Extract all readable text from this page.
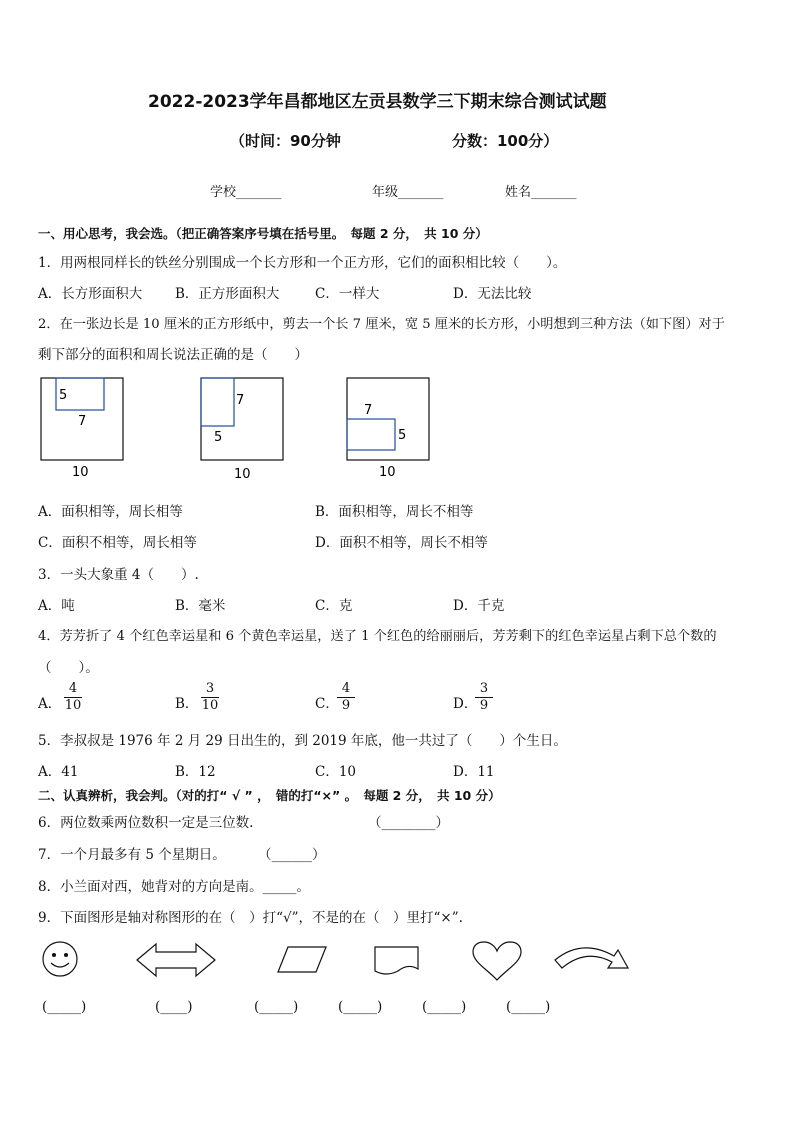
2022-2023学年昌都地区左贡县数学三下期末综合测试试题
（时间：90分钟	分数：100分）
学校_______	年级_______	姓名_______
一、用心思考，我会选。（把正确答案序号填在括号里。　每题 2 分，　共 10 分）
1．用两根同样长的铁丝分别围成一个长方形和一个正方形，它们的面积相比较（　　）。
A．长方形面积大 B．正方形面积大	C．一样大	D．无法比较
2．在一张边长是 10 厘米的正方形纸中，剪去一个长 7 厘米，宽 5 厘米的长方形，小明想到三种方法（如下图）对于
剩下部分的面积和周长说法正确的是（　　）
5
7
10
7
5
10
7
5
10
A．面积相等，周长相等	B．面积相等，周长不相等
C．面积不相等，周长相等	D．面积不相等，周长不相等
3．一头大象重 4（　　）.
A．吨	B．毫米	C．克	D．千克
4．芳芳折了 4 个红色幸运星和 6 个黄色幸运星，送了 1 个红色的给丽丽后，芳芳剩下的红色幸运星占剩下总个数的
（　　）。
A． $\frac{4}{10}$	B． $\frac{3}{10}$	C．
$\frac{4}{9}$	D．
$\frac{3}{9}$
5．李叔叔是 1976 年 2 月 29 日出生的，到 2019 年底，他一共过了（　　）个生日。
A．41	B．12	C．10	D．11
二、认真辨析，我会判。（对的打“ √ ” ，　错的打“×” 。　每题 2 分，　共 10 分）
6．两位数乘两位数积一定是三位数.	（________）
7．一个月最多有 5 个星期日。 （______）
8．小兰面对西，她背对的方向是南。_____。
9．下面图形是轴对称图形的在（　）打“√”，不是的在（　）里打“×”.
(_____)	(____)	(_____)	(_____)	(_____)	(_____)
